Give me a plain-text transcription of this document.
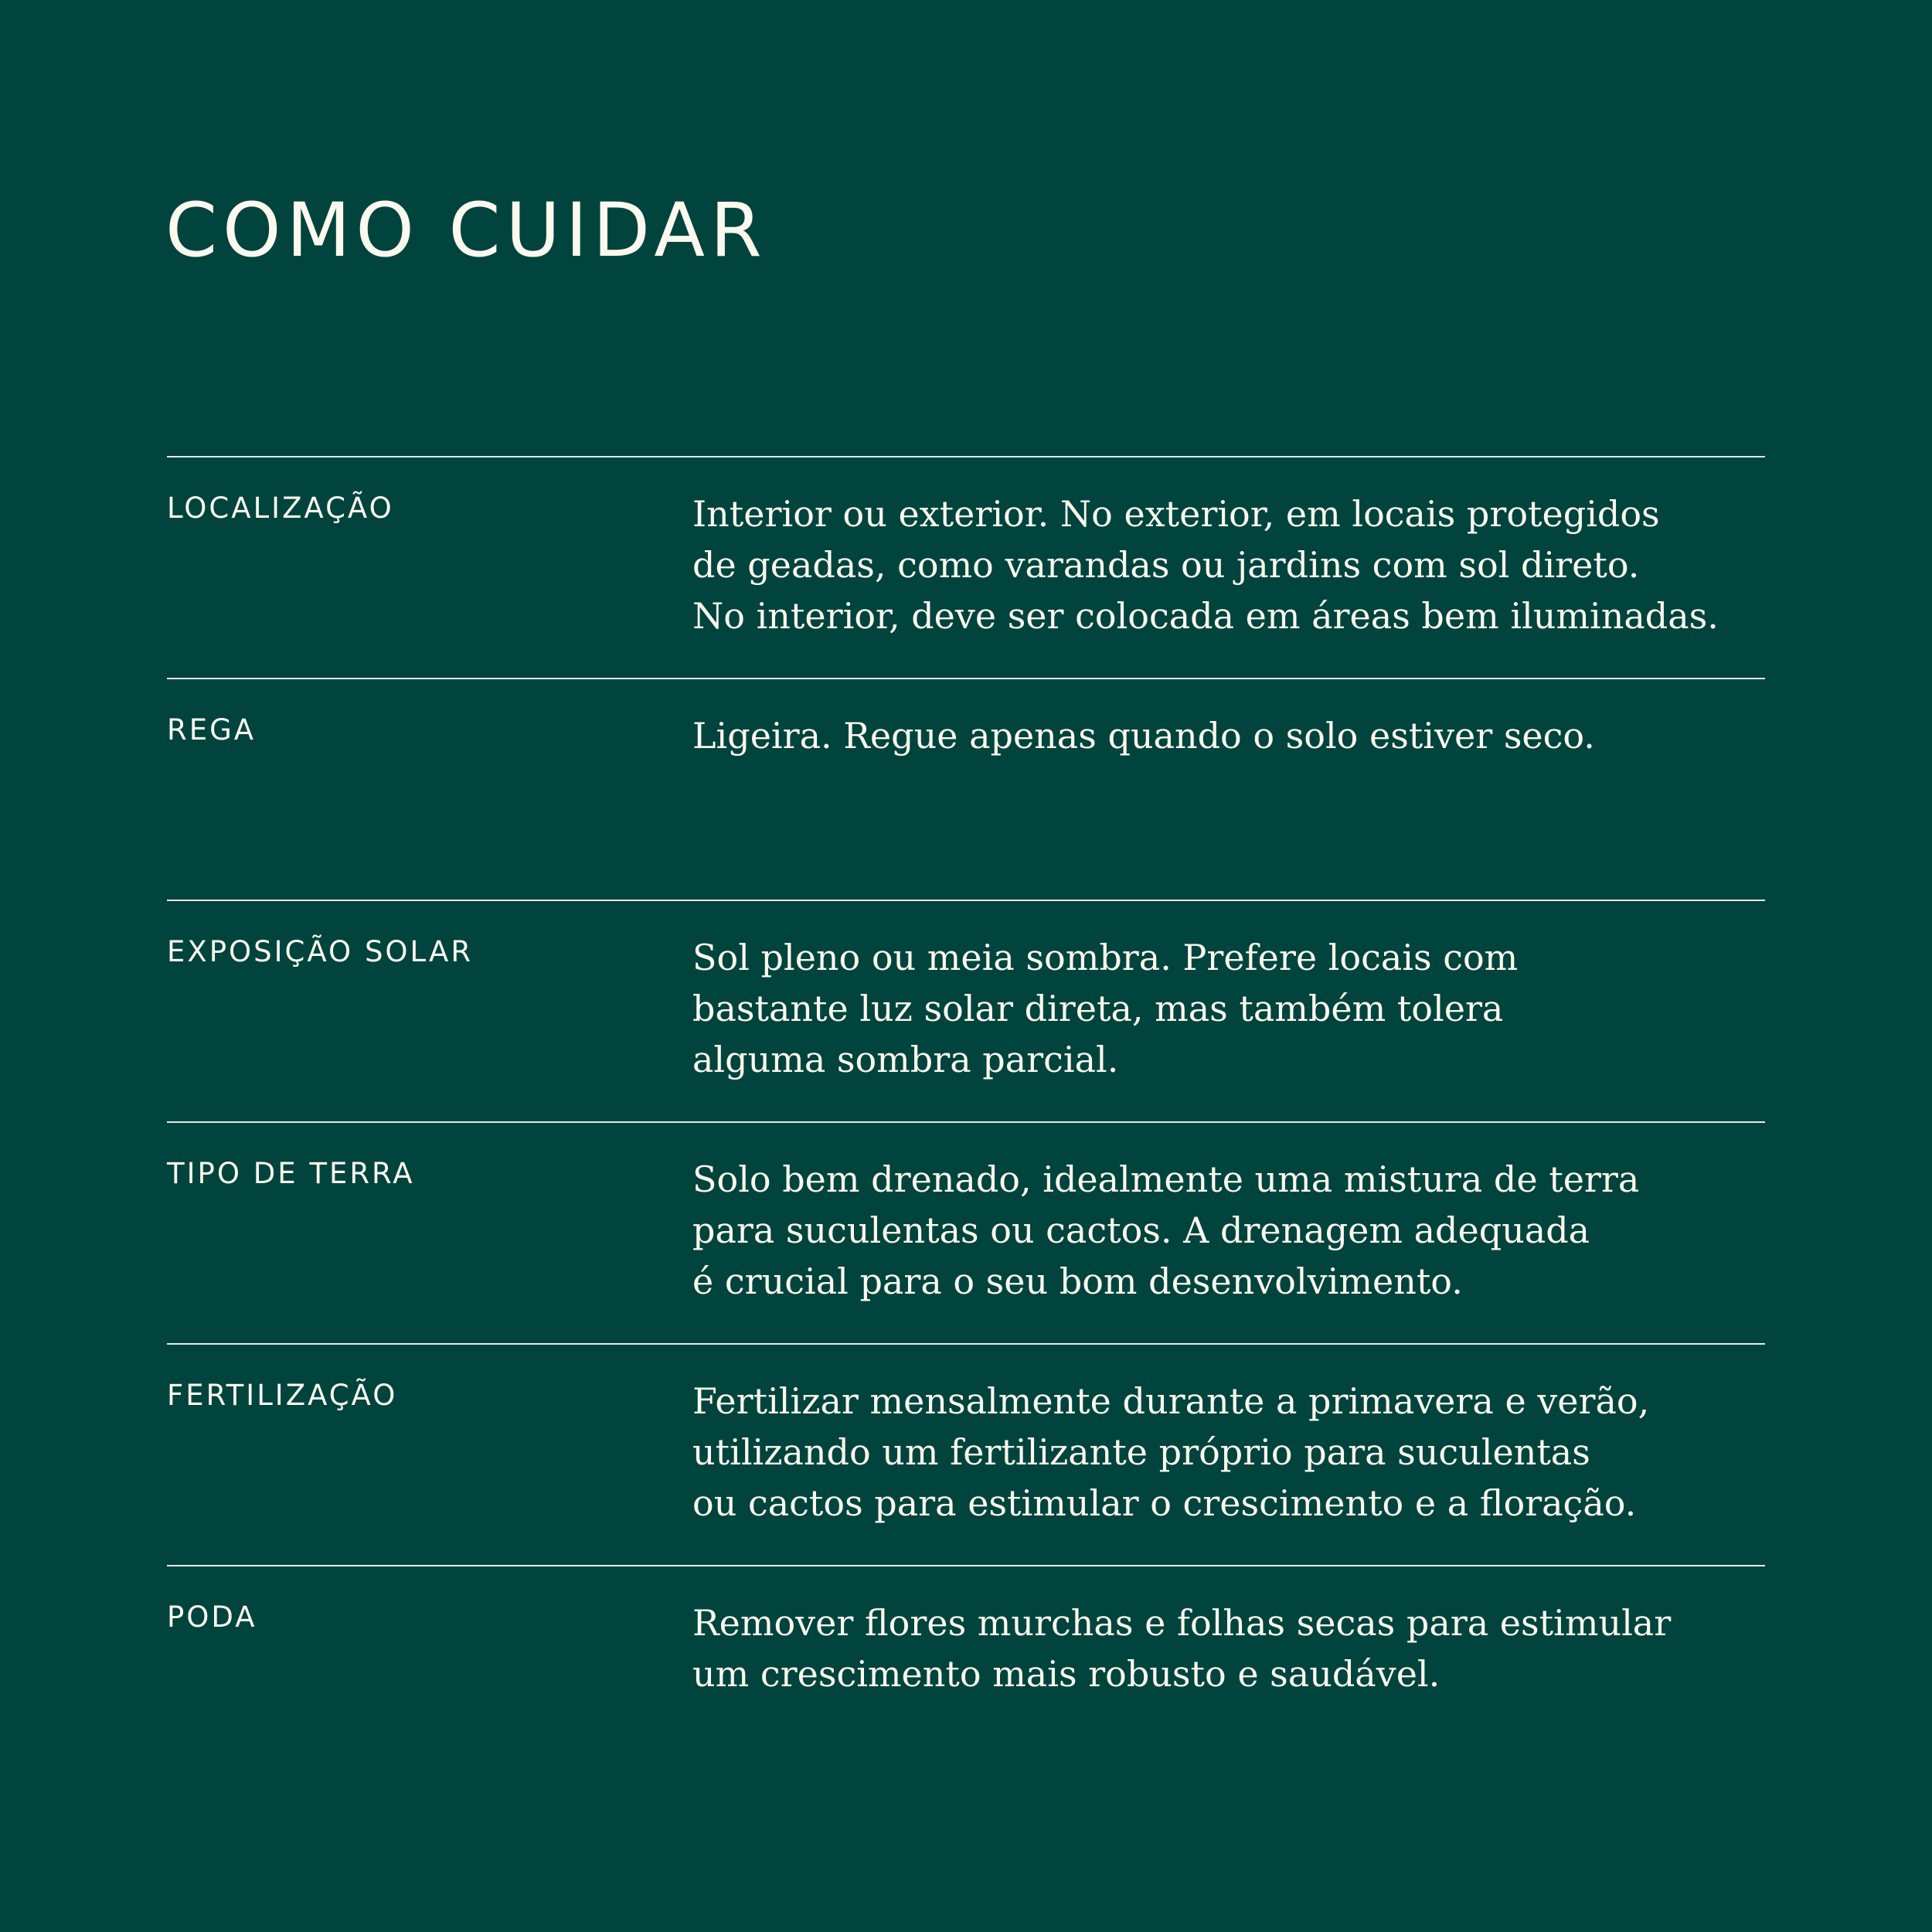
COMO CUIDAR
LOCALIZAÇÃO	Interior ou exterior. No exterior, em locais protegidos
de geadas, como varandas ou jardins com sol direto.
No interior, deve ser colocada em áreas bem iluminadas.

REGA	Ligeira. Regue apenas quando o solo estiver seco.

EXPOSIÇÃO SOLAR	Sol pleno ou meia sombra. Prefere locais com
bastante luz solar direta, mas também tolera
alguma sombra parcial.

TIPO DE TERRA	Solo bem drenado, idealmente uma mistura de terra
para suculentas ou cactos. A drenagem adequada
é crucial para o seu bom desenvolvimento.

FERTILIZAÇÃO	Fertilizar mensalmente durante a primavera e verão,
utilizando um fertilizante próprio para suculentas
ou cactos para estimular o crescimento e a floração.

PODA	Remover flores murchas e folhas secas para estimular
um crescimento mais robusto e saudável.
